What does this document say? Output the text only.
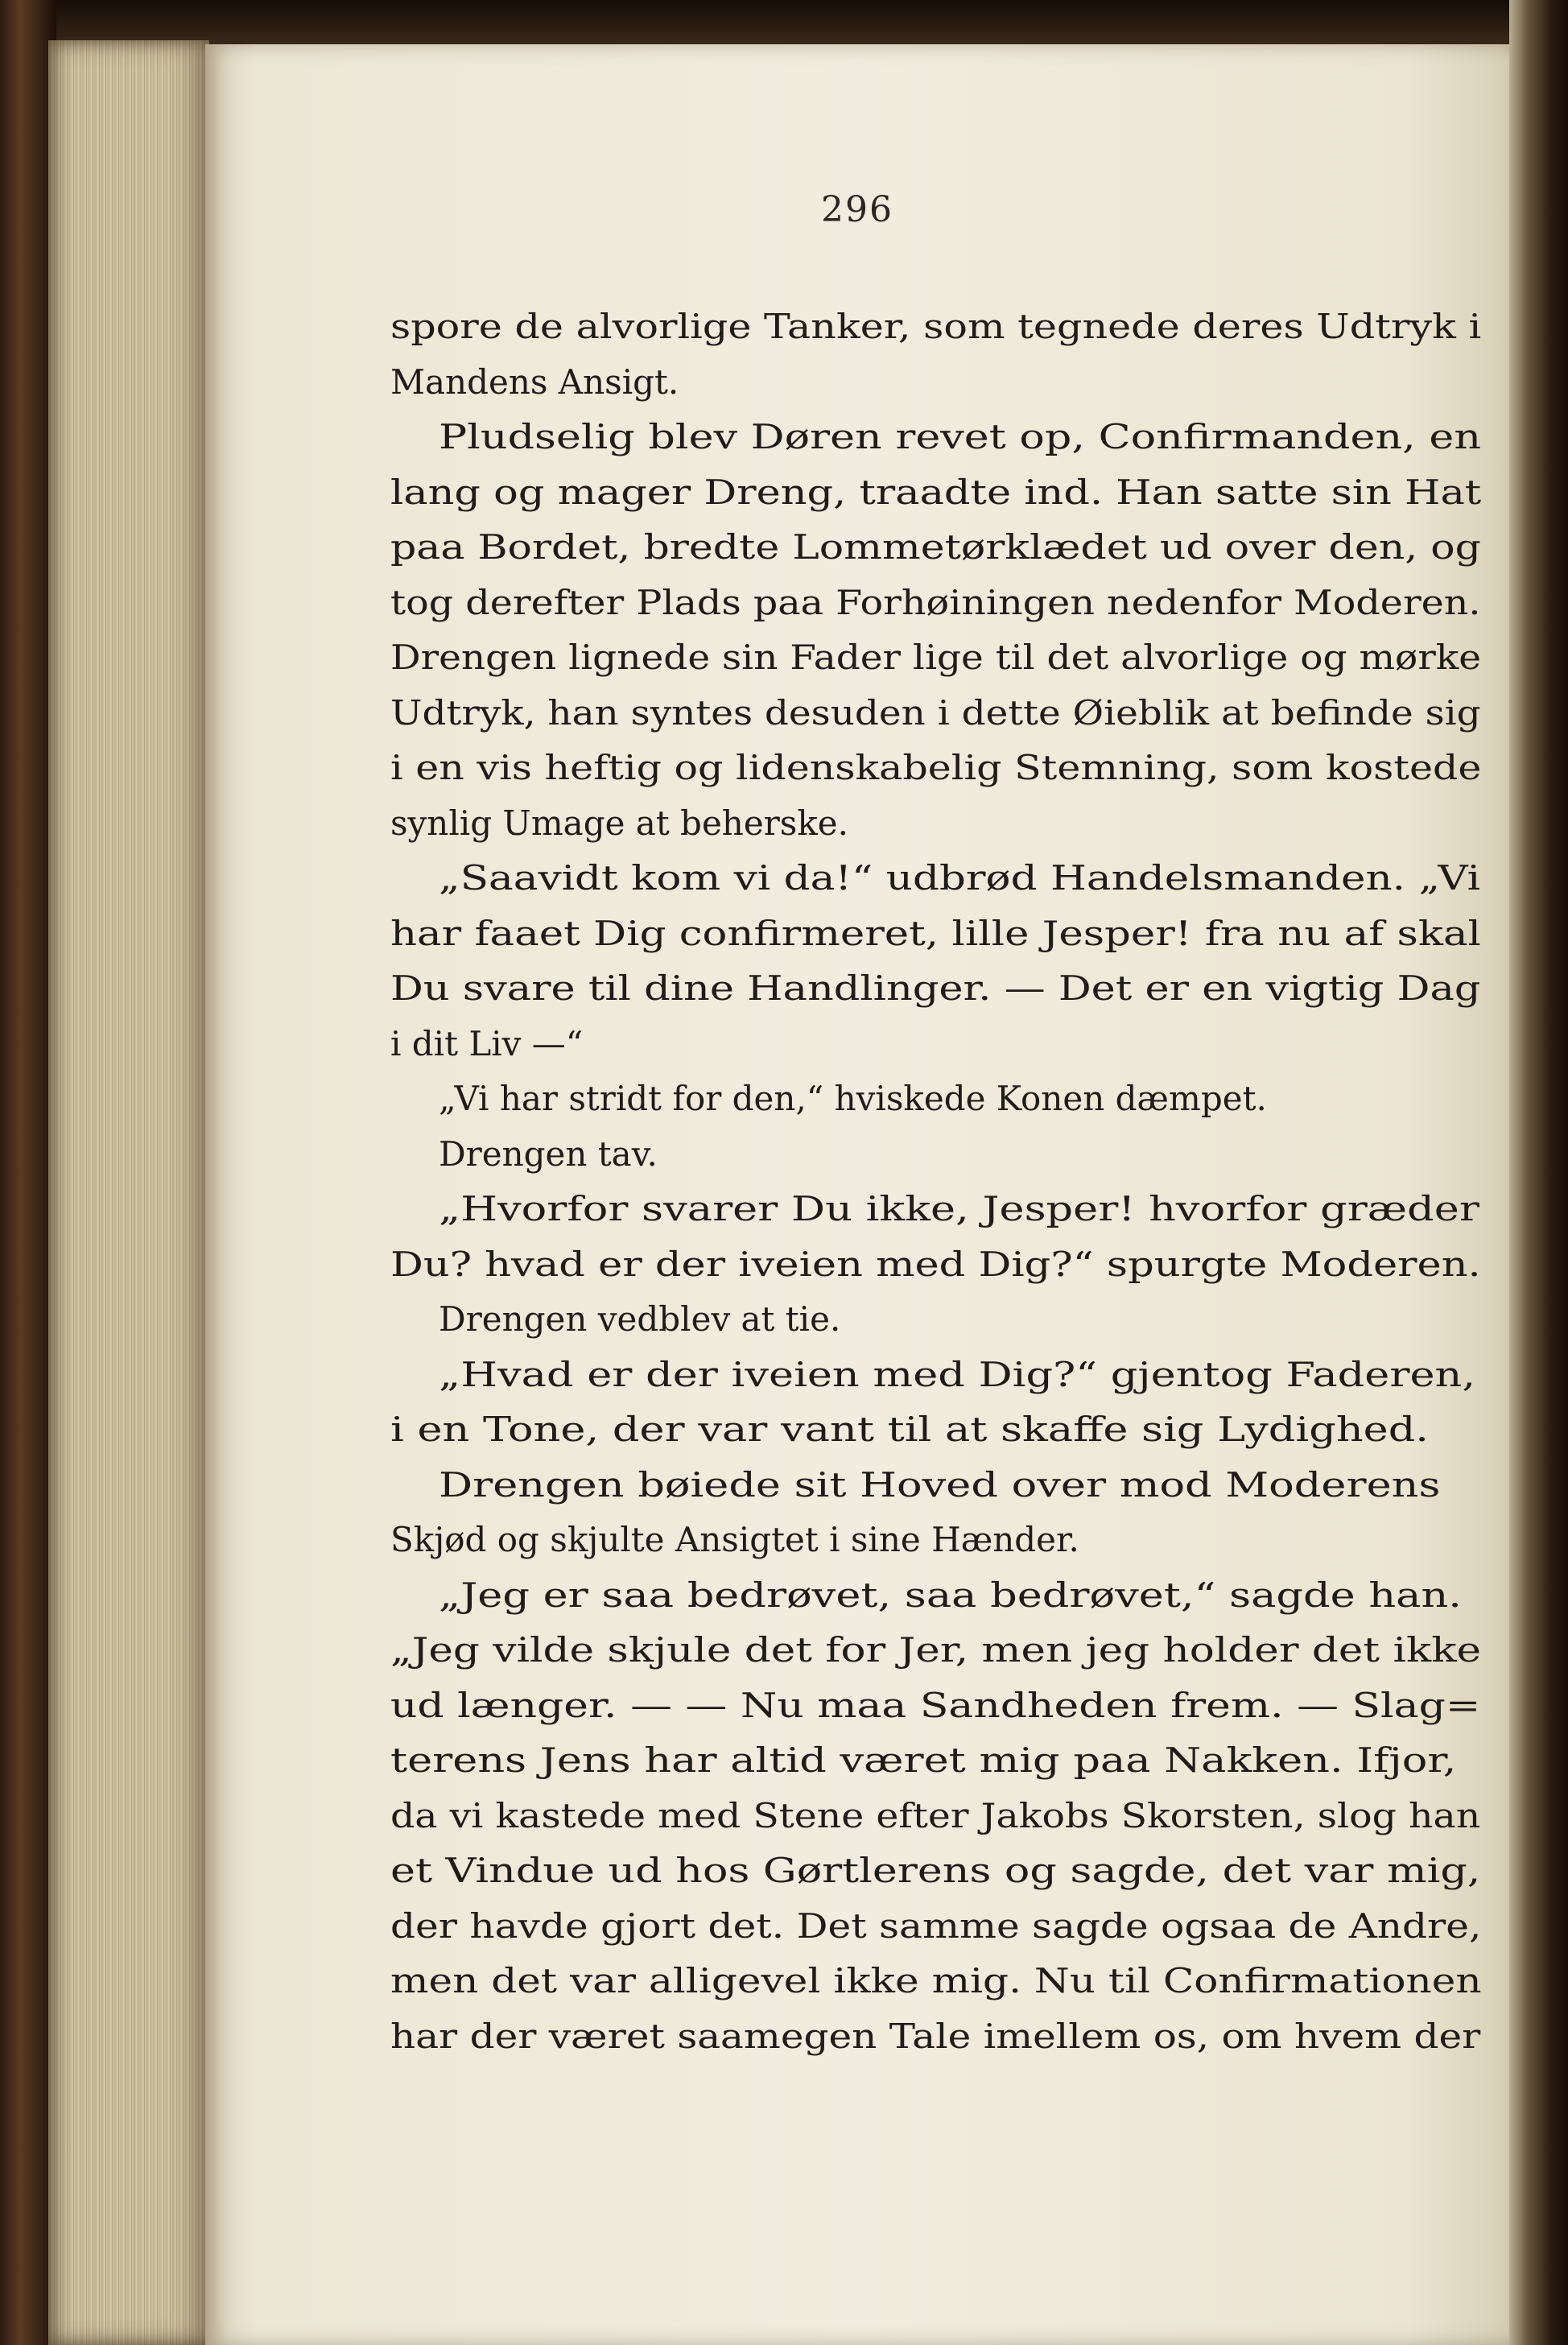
296
spore de alvorlige Tanker, som tegnede deres Udtryk i
Mandens Ansigt.
Pludselig blev Døren revet op, Confirmanden, en
lang og mager Dreng, traadte ind. Han satte sin Hat
paa Bordet, bredte Lommetørklædet ud over den, og
tog derefter Plads paa Forhøiningen nedenfor Moderen.
Drengen lignede sin Fader lige til det alvorlige og mørke
Udtryk, han syntes desuden i dette Øieblik at befinde sig
i en vis heftig og lidenskabelig Stemning, som kostede
synlig Umage at beherske.
„Saavidt kom vi da!“ udbrød Handelsmanden. „Vi
har faaet Dig confirmeret, lille Jesper! fra nu af skal
Du svare til dine Handlinger. — Det er en vigtig Dag
i dit Liv —“
„Vi har stridt for den,“ hviskede Konen dæmpet.
Drengen tav.
„Hvorfor svarer Du ikke, Jesper! hvorfor græder
Du? hvad er der iveien med Dig?“ spurgte Moderen.
Drengen vedblev at tie.
„Hvad er der iveien med Dig?“ gjentog Faderen,
i en Tone, der var vant til at skaffe sig Lydighed.
Drengen bøiede sit Hoved over mod Moderens
Skjød og skjulte Ansigtet i sine Hænder.
„Jeg er saa bedrøvet, saa bedrøvet,“ sagde han.
„Jeg vilde skjule det for Jer, men jeg holder det ikke
ud længer. — — Nu maa Sandheden frem. — Slag=
terens Jens har altid været mig paa Nakken. Ifjor,
da vi kastede med Stene efter Jakobs Skorsten, slog han
et Vindue ud hos Gørtlerens og sagde, det var mig,
der havde gjort det. Det samme sagde ogsaa de Andre,
men det var alligevel ikke mig. Nu til Confirmationen
har der været saamegen Tale imellem os, om hvem der
